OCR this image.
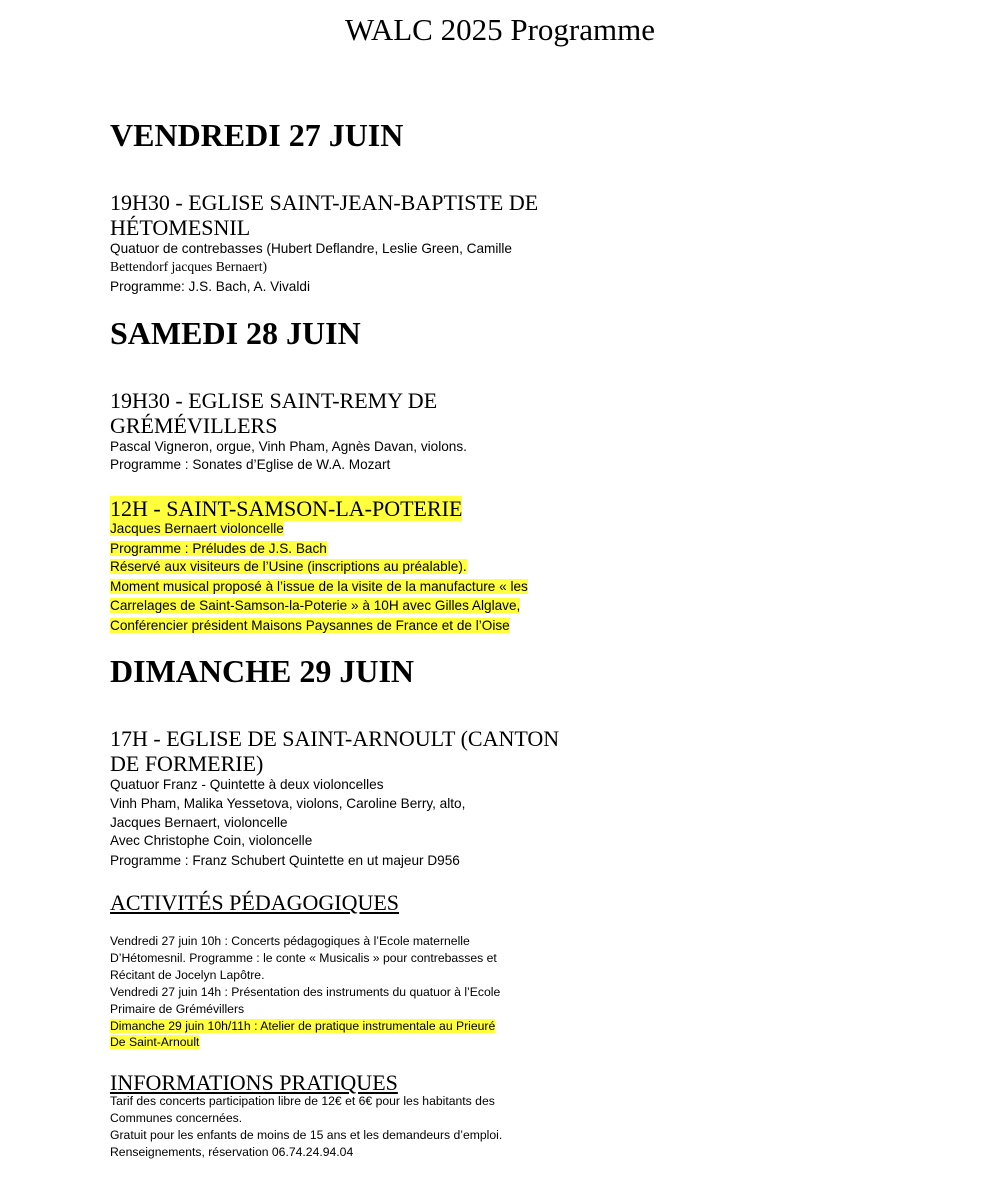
WALC 2025 Programme
VENDREDI 27 JUIN
19H30 - EGLISE SAINT-JEAN-BAPTISTE DE
HÉTOMESNIL
Quatuor de contrebasses (Hubert Deflandre, Leslie Green, Camille
Bettendorf jacques Bernaert)
Programme: J.S. Bach, A. Vivaldi
SAMEDI 28 JUIN
19H30 - EGLISE SAINT-REMY DE
GRÉMÉVILLERS
Pascal Vigneron, orgue, Vinh Pham, Agnès Davan, violons.
Programme : Sonates d’Eglise de W.A. Mozart
12H - SAINT-SAMSON-LA-POTERIE
Jacques Bernaert violoncelle
Programme : Préludes de J.S. Bach
Réservé aux visiteurs de l’Usine (inscriptions au préalable).
Moment musical proposé à l’issue de la visite de la manufacture « les
Carrelages de Saint-Samson-la-Poterie » à 10H avec Gilles Alglave,
Conférencier président Maisons Paysannes de France et de l’Oise
DIMANCHE 29 JUIN
17H - EGLISE DE SAINT-ARNOULT (CANTON
DE FORMERIE)
Quatuor Franz - Quintette à deux violoncelles
Vinh Pham, Malika Yessetova, violons, Caroline Berry, alto,
Jacques Bernaert, violoncelle
Avec Christophe Coin, violoncelle
Programme : Franz Schubert Quintette en ut majeur D956
ACTIVITÉS PÉDAGOGIQUES
Vendredi 27 juin 10h : Concerts pédagogiques à l’Ecole maternelle
D’Hétomesnil. Programme : le conte « Musicalis » pour contrebasses et
Récitant de Jocelyn Lapôtre.
Vendredi 27 juin 14h : Présentation des instruments du quatuor à l’Ecole
Primaire de Grémévillers
Dimanche 29 juin 10h/11h : Atelier de pratique instrumentale au Prieuré
De Saint-Arnoult
INFORMATIONS PRATIQUES
Tarif des concerts participation libre de 12€ et 6€ pour les habitants des
Communes concernées.
Gratuit pour les enfants de moins de 15 ans et les demandeurs d’emploi.
Renseignements, réservation 06.74.24.94.04
